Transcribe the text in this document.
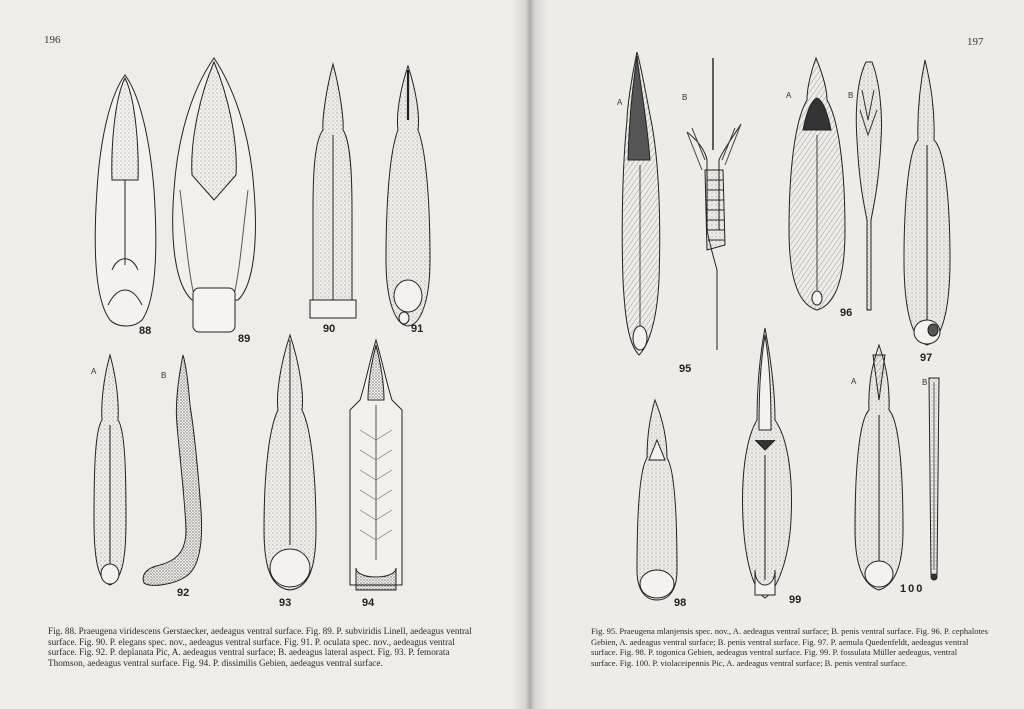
196
88
89
90	91
A	B
92
93	94
Fig. 88. Praeugena viridescens Gerstaecker, aedeagus ventral surface. Fig. 89. P. subviridis Linell, aedeagus ventral
surface. Fig. 90. P. elegans spec. nov., aedeagus ventral surface. Fig. 91. P. oculata spec. nov., aedeagus ventral
surface. Fig. 92. P. deplanata Pic, A. aedeagus ventral surface; B. aedeagus lateral aspect. Fig. 93. P. femorata
Thomson, aedeagus ventral surface. Fig. 94. P. dissimilis Gebien, aedeagus ventral surface.
197
A
B
95
A	B
96
97
98	99
A	B
100
Fig. 95. Praeugena mlanjensis spec. nov., A. aedeagus ventral surface; B. penis ventral surface. Fig. 96. P. cephalotes
Gebien, A. aedeagus ventral surface; B. penis ventral surface. Fig. 97. P. aemula Quedenfeldt, aedeagus ventral
surface. Fig. 98. P. togonica Gebien, aedeagus ventral surface. Fig. 99. P. fossulata Müller aedeagus, ventral
surface. Fig. 100. P. violaceipennis Pic, A. aedeagus ventral surface; B. penis ventral surface.
